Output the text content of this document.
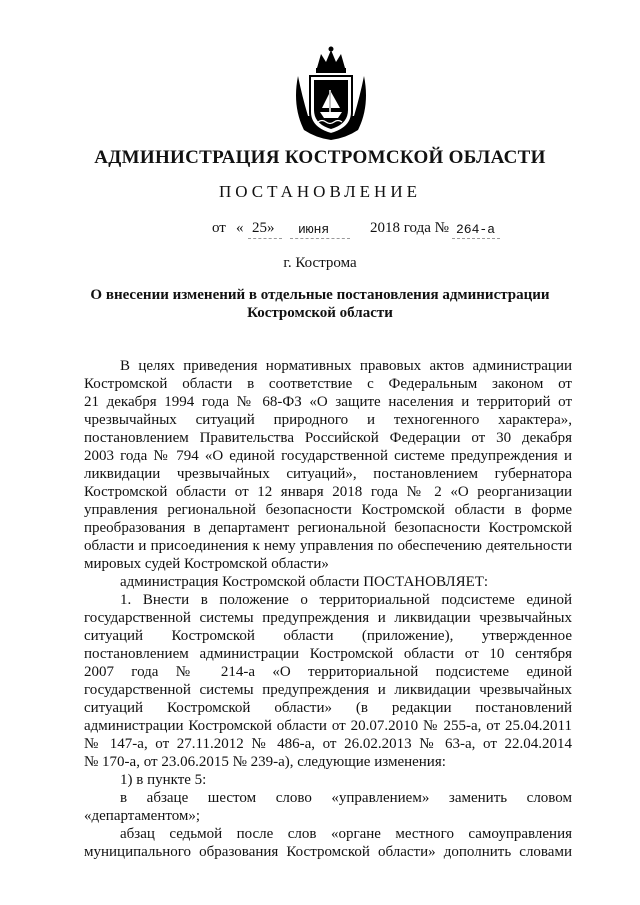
АДМИНИСТРАЦИЯ КОСТРОМСКОЙ ОБЛАСТИ
ПОСТАНОВЛЕНИЕ
от « 25» июня	2018 года № 264-а
г. Кострома
О внесении изменений в отдельные постановления администрации
Костромской области

В целях приведения нормативных правовых актов администрации
Костромской области в соответствие с Федеральным законом от
21 декабря 1994 года № 68-ФЗ «О защите населения и территорий от
чрезвычайных ситуаций природного и техногенного характера»,
постановлением Правительства Российской Федерации от 30 декабря
2003 года № 794 «О единой государственной системе предупреждения и
ликвидации чрезвычайных ситуаций», постановлением губернатора
Костромской области от 12 января 2018 года № 2 «О реорганизации
управления региональной безопасности Костромской области в форме
преобразования в департамент региональной безопасности Костромской
области и присоединения к нему управления по обеспечению деятельности
мировых судей Костромской области»

администрация Костромской области ПОСТАНОВЛЯЕТ:

1. Внести в положение о территориальной подсистеме единой
государственной системы предупреждения и ликвидации чрезвычайных
ситуаций Костромской области (приложение), утвержденное
постановлением администрации Костромской области от 10 сентября
2007 года № 214-а «О территориальной подсистеме единой
государственной системы предупреждения и ликвидации чрезвычайных
ситуаций Костромской области» (в редакции постановлений
администрации Костромской области от 20.07.2010 № 255-а, от 25.04.2011
№ 147-а, от 27.11.2012 № 486-а, от 26.02.2013 № 63-а, от 22.04.2014
№ 170-а, от 23.06.2015 № 239-а), следующие изменения:

1) в пункте 5:

в абзаце шестом слово «управлением» заменить словом
«департаментом»;

абзац седьмой после слов «органе местного самоуправления
муниципального образования Костромской области» дополнить словами
